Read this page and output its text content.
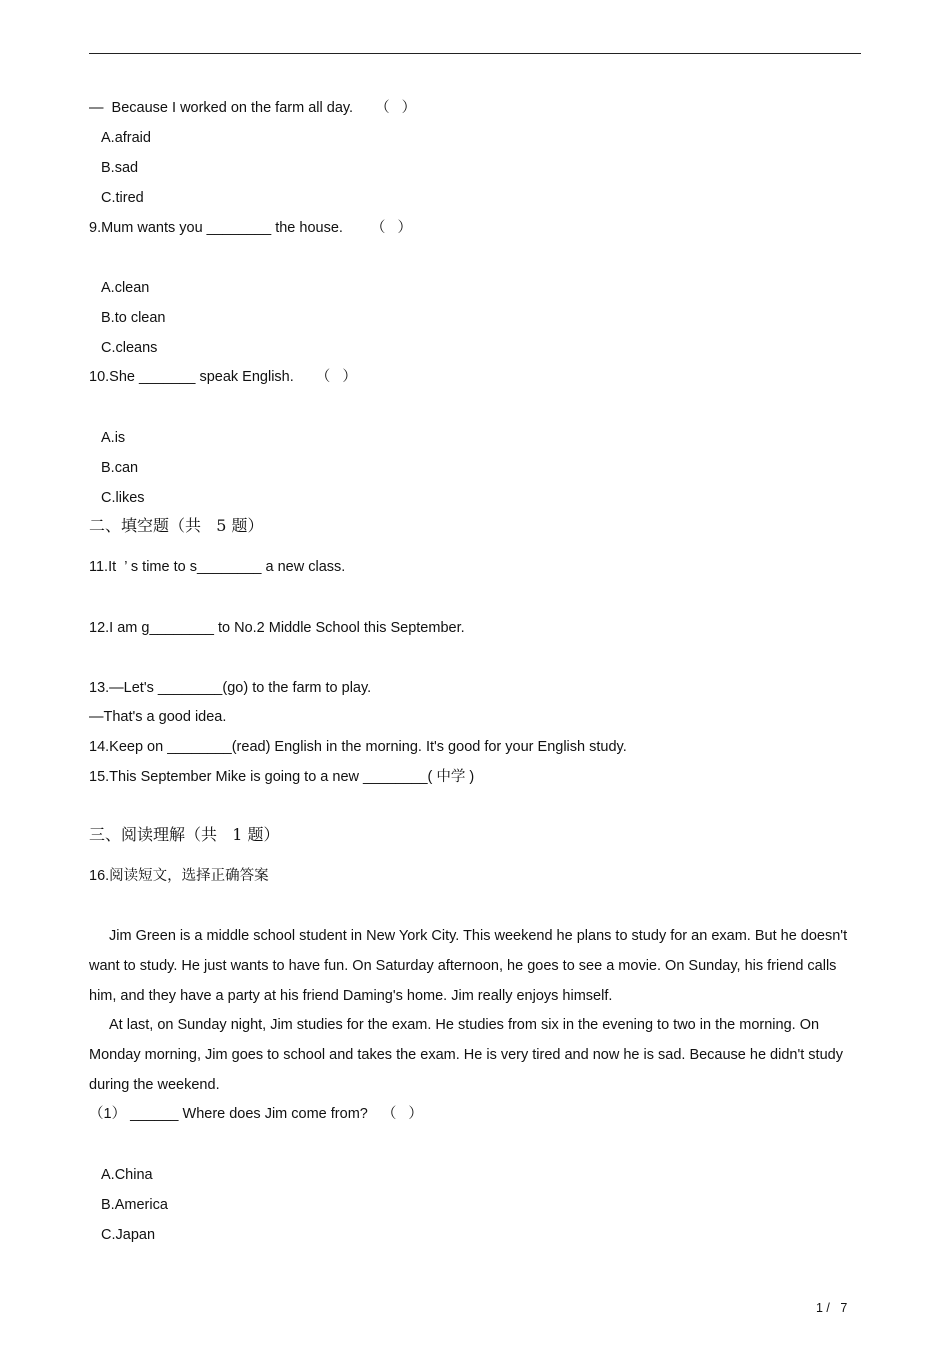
—  Because I worked on the farm all day. （   ）
A.afraid
B.sad
C.tired
9.Mum wants you ________ the house. （   ）
A.clean
B.to clean
C.cleans
10.She _______ speak English. （   ）
A.is
B.can
C.likes
二、填空题（共   5 题）
11.It  ’ s time to s________ a new class.
12.I am g________ to No.2 Middle School this September.
13.—Let's ________(go) to the farm to play.
—That's a good idea.
14.Keep on ________(read) English in the morning. It's good for your English study.
15.This September Mike is going to a new ________( 中学 )
三、阅读理解（共   1 题）
16.阅读短文，选择正确答案
Jim Green is a middle school student in New York City. This weekend he plans to study for an exam. But he doesn't want to study. He just wants to have fun. On Saturday afternoon, he goes to see a movie. On Sunday, his friend calls him, and they have a party at his friend Daming's home. Jim really enjoys himself.
At last, on Sunday night, Jim studies for the exam. He studies from six in the evening to two in the morning. On Monday morning, Jim goes to school and takes the exam. He is very tired and now he is sad. Because he didn't study during the weekend.
（1） ______ Where does Jim come from? （   ）
A.China
B.America
C.Japan
1 /   7
